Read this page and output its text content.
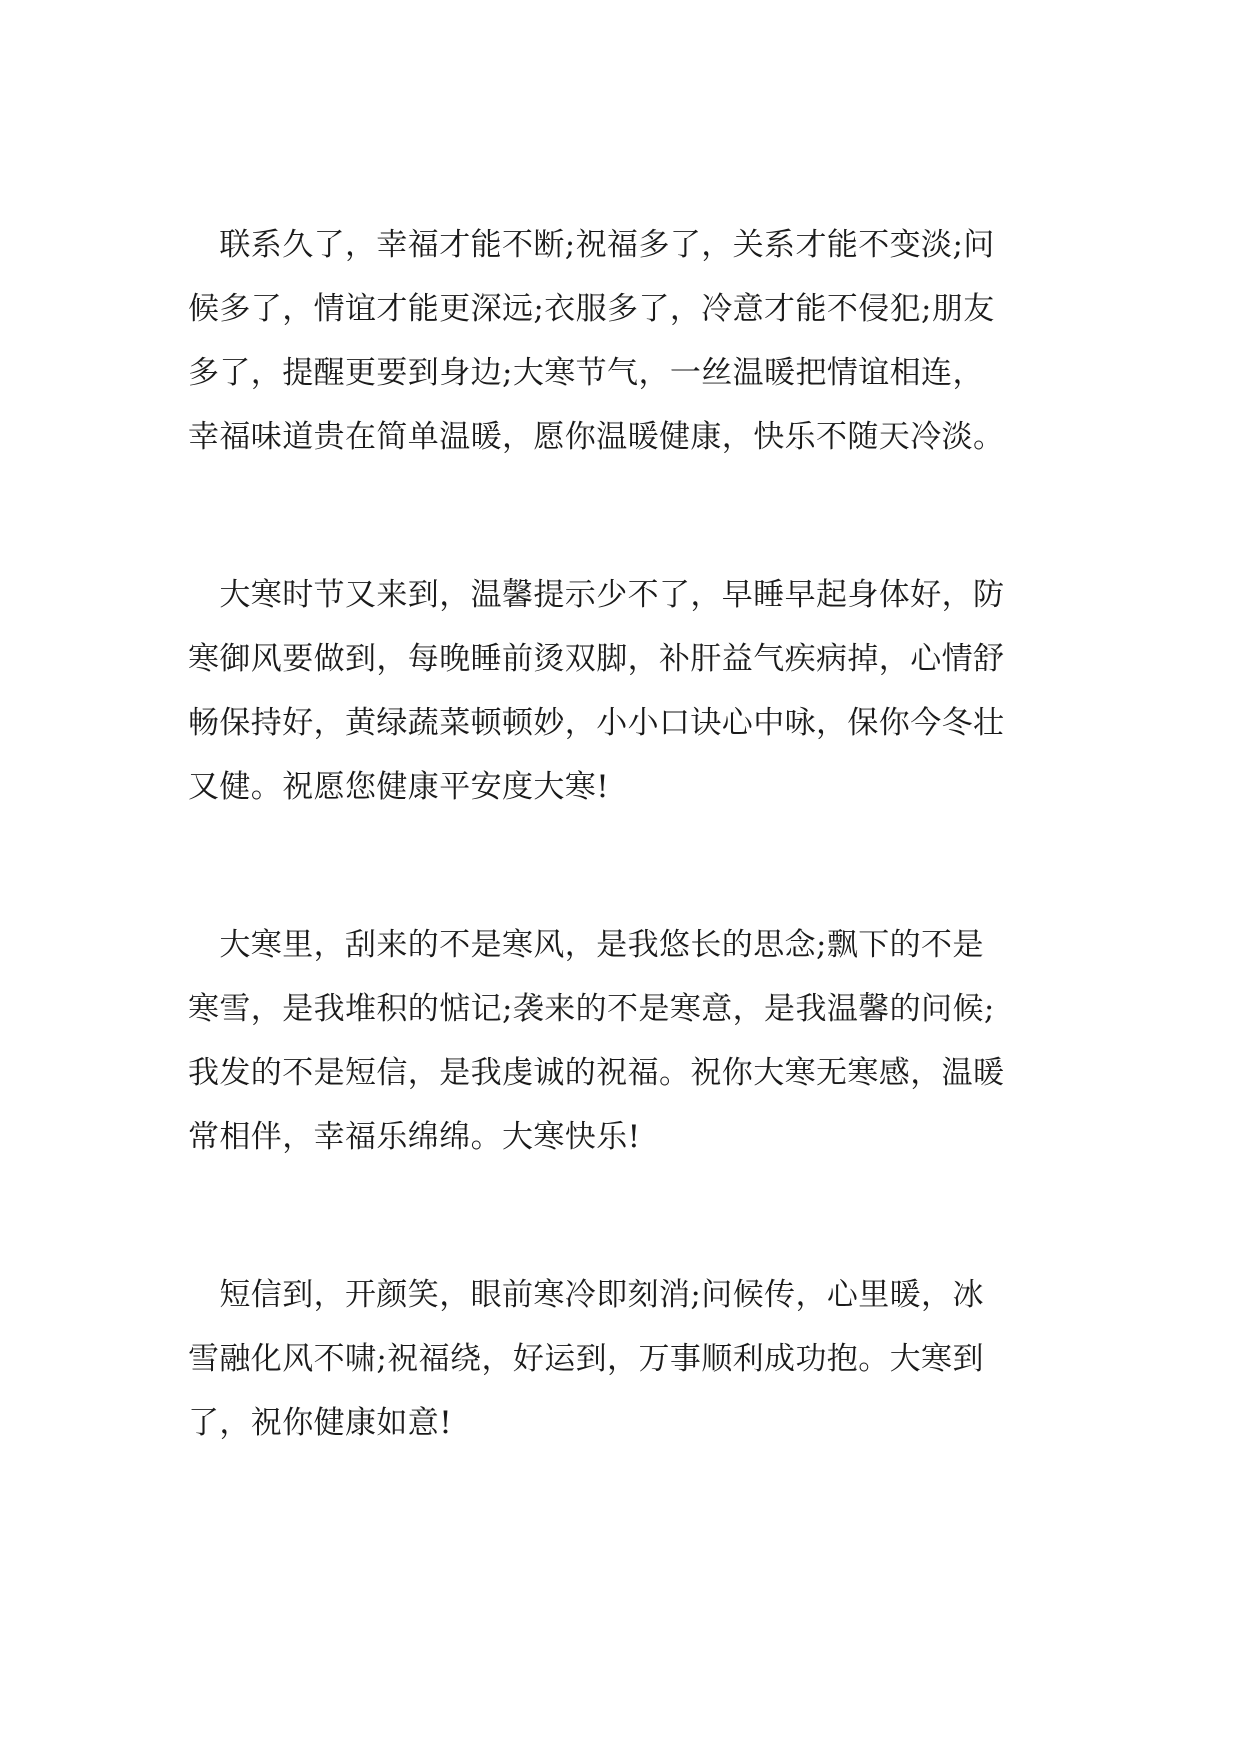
　联系久了，幸福才能不断;祝福多了，关系才能不变淡;问
候多了，情谊才能更深远;衣服多了，冷意才能不侵犯;朋友
多了，提醒更要到身边;大寒节气，一丝温暖把情谊相连，
幸福味道贵在简单温暖，愿你温暖健康，快乐不随天冷淡。

　大寒时节又来到，温馨提示少不了，早睡早起身体好，防
寒御风要做到，每晚睡前烫双脚，补肝益气疾病掉，心情舒
畅保持好，黄绿蔬菜顿顿妙，小小口诀心中咏，保你今冬壮
又健。祝愿您健康平安度大寒!

　大寒里，刮来的不是寒风，是我悠长的思念;飘下的不是
寒雪，是我堆积的惦记;袭来的不是寒意，是我温馨的问候;
我发的不是短信，是我虔诚的祝福。祝你大寒无寒感，温暖
常相伴，幸福乐绵绵。大寒快乐!

　短信到，开颜笑，眼前寒冷即刻消;问候传，心里暖，冰
雪融化风不啸;祝福绕，好运到，万事顺利成功抱。大寒到
了，祝你健康如意!
